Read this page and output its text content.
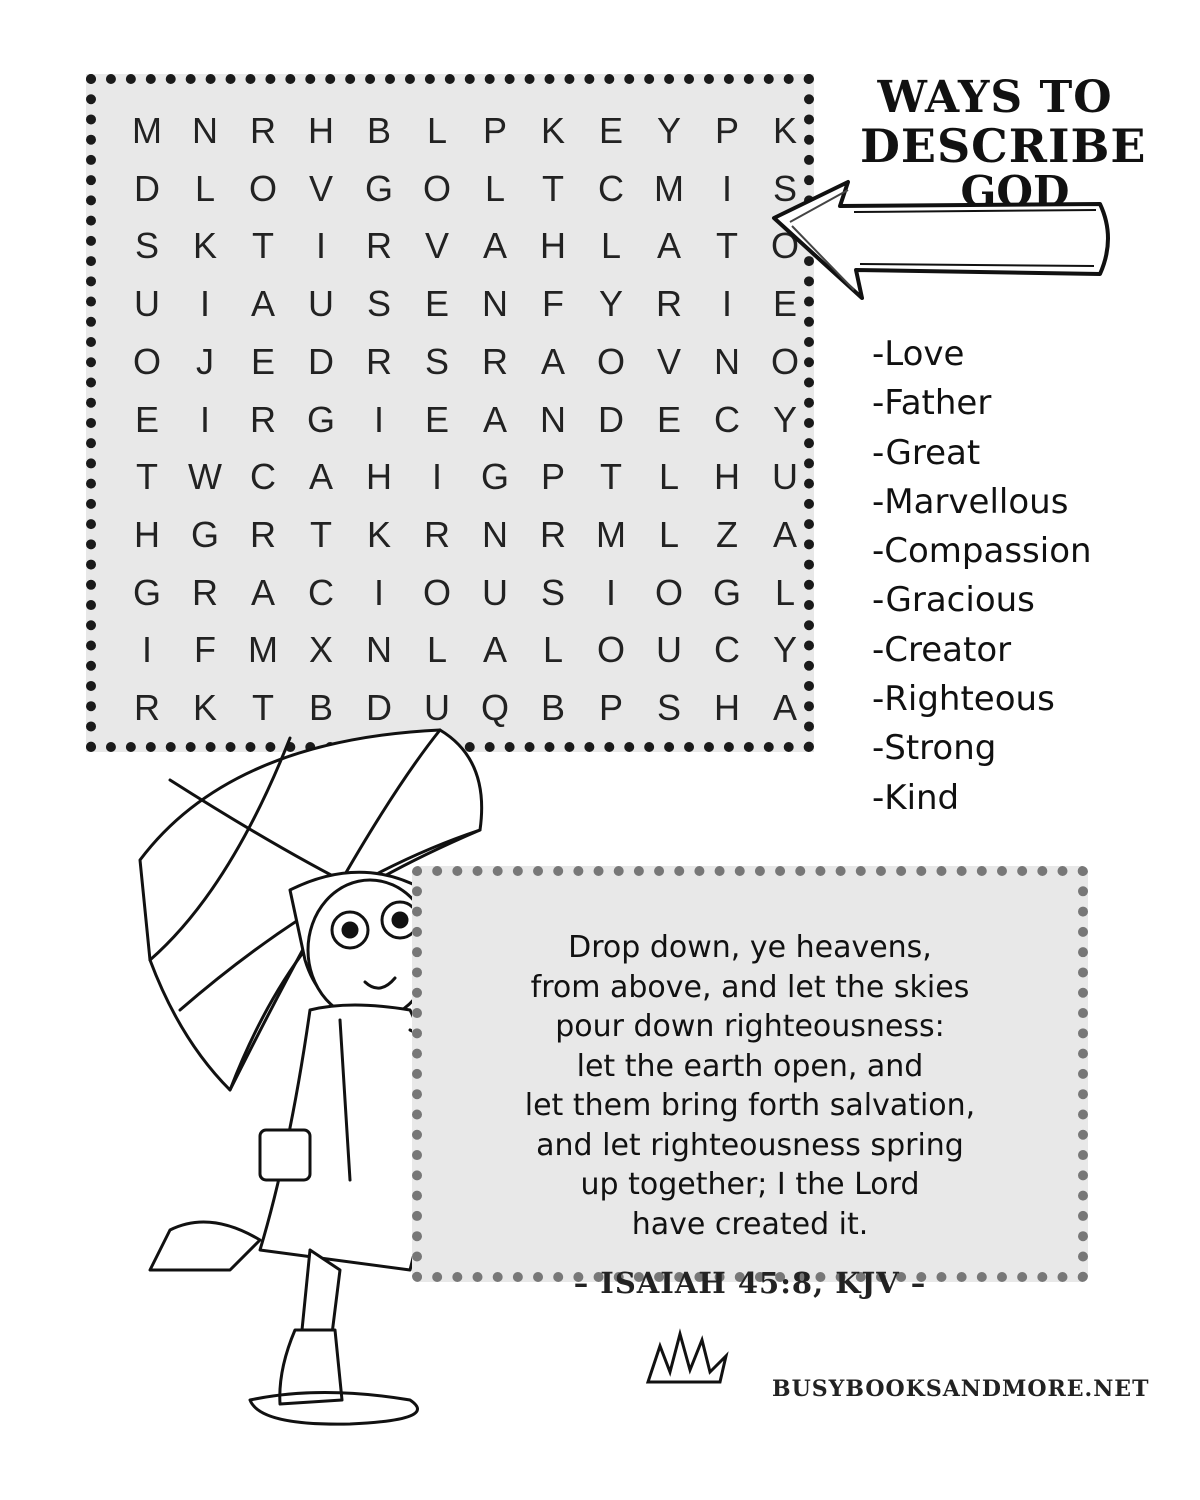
M N R H B L P K E Y P K
D L O V G O L	T C M	I	S
S K T	I	R V A H L A T O
U	I	A U S E N F Y R	I	E
O J	E D R S R A O V N O
E	I	R G	I	E A N D E C Y
T W C A H	I	G P T	L H U
H G R T K R N R M L	Z A
G R A C	I	O U S	I	O G L
I	F M X N L A L O U C Y
R K T B D U Q B P S H A
WAYS TO
DESCRIBE
GOD
-Love
-Father
-Great
-Marvellous
-Compassion
-Gracious
-Creator
-Righteous
-Strong
-Kind
Drop down, ye heavens,
from above, and let the skies
pour down righteousness:
let the earth open, and
let them bring forth salvation,
and let righteousness spring
up together; I the Lord
have created it.
– ISAIAH 45:8, KJV –
BUSYBOOKSANDMORE.NET
